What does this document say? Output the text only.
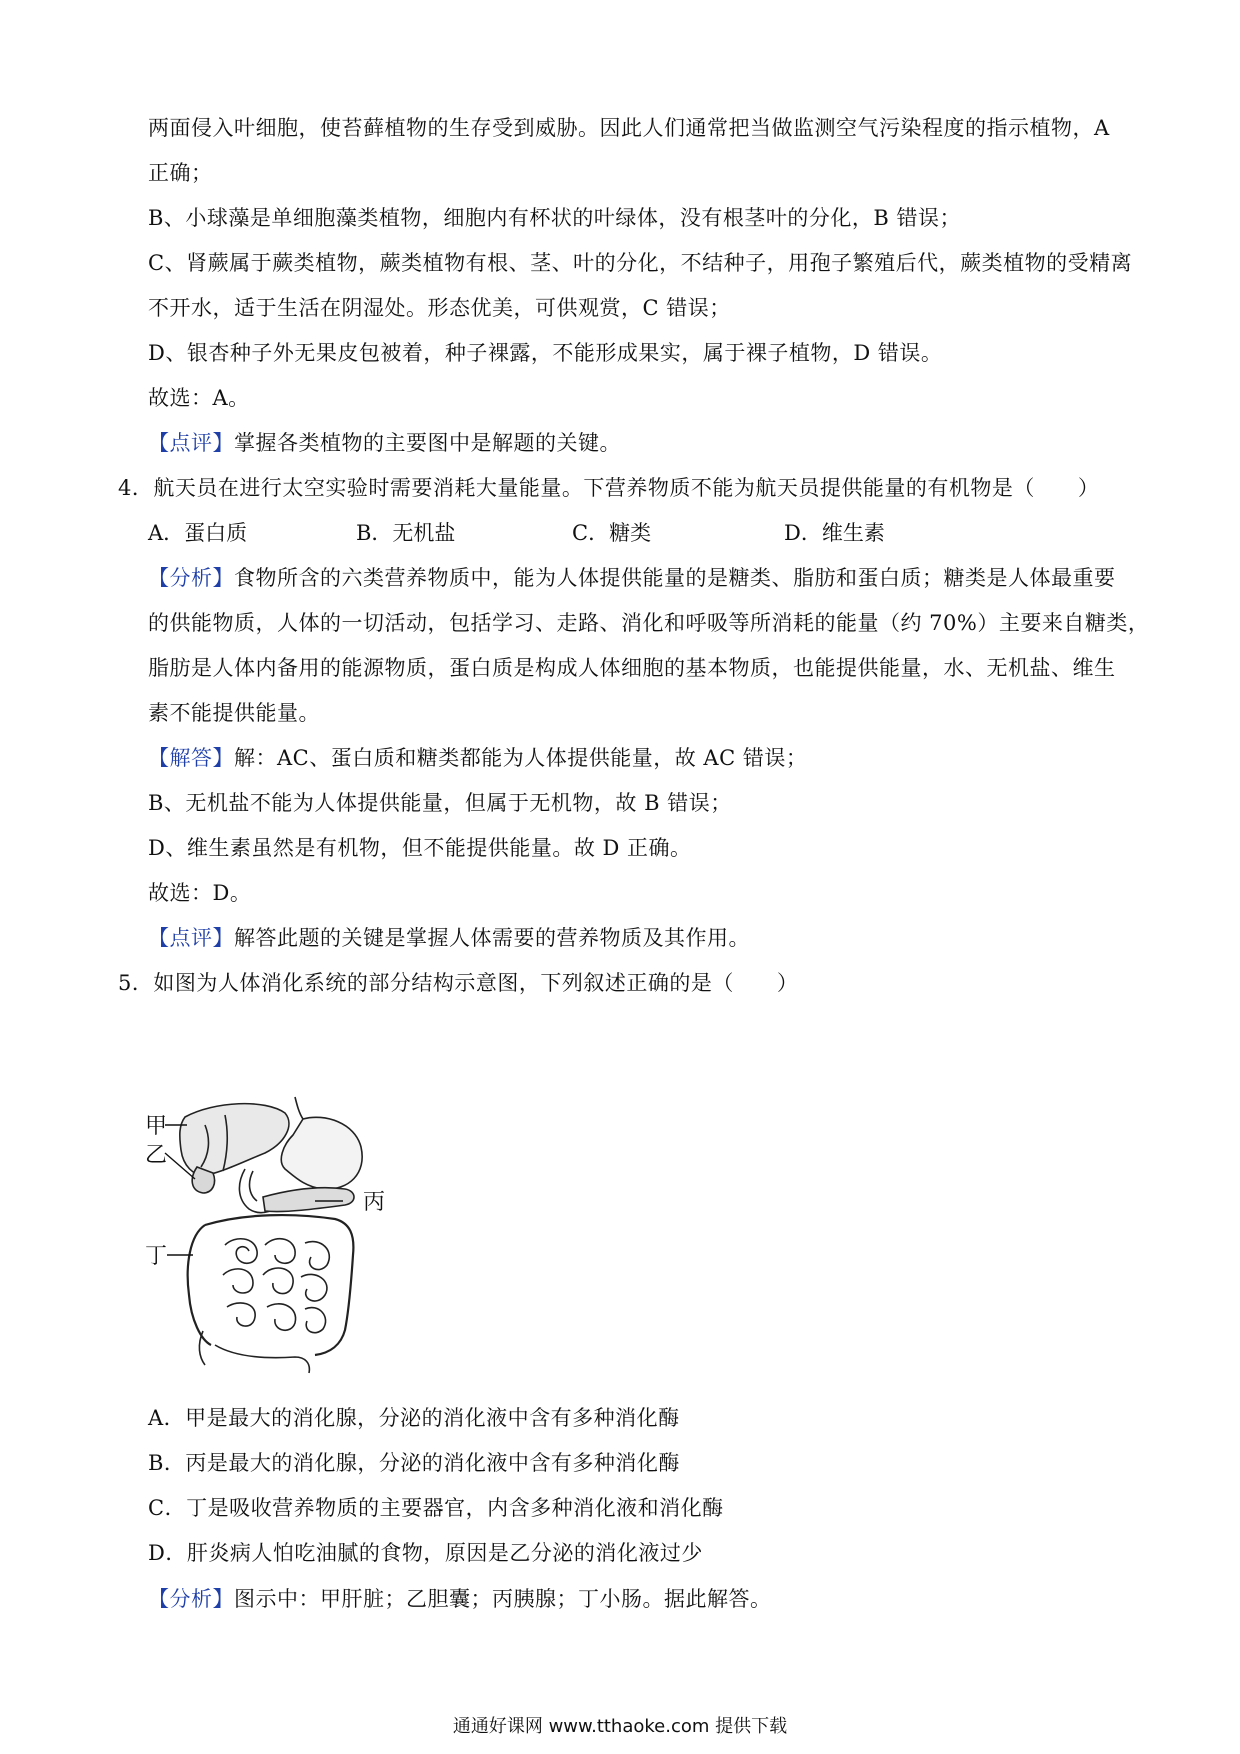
两面侵入叶细胞，使苔藓植物的生存受到威胁。因此人们通常把当做监测空气污染程度的指示植物，A
正确；
B、小球藻是单细胞藻类植物，细胞内有杯状的叶绿体，没有根茎叶的分化，B 错误；
C、肾蕨属于蕨类植物，蕨类植物有根、茎、叶的分化，不结种子，用孢子繁殖后代，蕨类植物的受精离
不开水，适于生活在阴湿处。形态优美，可供观赏，C 错误；
D、银杏种子外无果皮包被着，种子裸露，不能形成果实，属于裸子植物，D 错误。
故选：A。
【点评】掌握各类植物的主要图中是解题的关键。
4．航天员在进行太空实验时需要消耗大量能量。下营养物质不能为航天员提供能量的有机物是（　　）
A．蛋白质	B．无机盐	C．糖类	D．维生素
【分析】食物所含的六类营养物质中，能为人体提供能量的是糖类、脂肪和蛋白质；糖类是人体最重要
的供能物质，人体的一切活动，包括学习、走路、消化和呼吸等所消耗的能量（约 70%）主要来自糖类，
脂肪是人体内备用的能源物质，蛋白质是构成人体细胞的基本物质，也能提供能量，水、无机盐、维生
素不能提供能量。
【解答】解：AC、蛋白质和糖类都能为人体提供能量，故 AC 错误；
B、无机盐不能为人体提供能量，但属于无机物，故 B 错误；
D、维生素虽然是有机物，但不能提供能量。故 D 正确。
故选：D。
【点评】解答此题的关键是掌握人体需要的营养物质及其作用。
5．如图为人体消化系统的部分结构示意图，下列叙述正确的是（　　）
甲
乙
丙
丁
A．甲是最大的消化腺，分泌的消化液中含有多种消化酶
B．丙是最大的消化腺，分泌的消化液中含有多种消化酶
C．丁是吸收营养物质的主要器官，内含多种消化液和消化酶
D．肝炎病人怕吃油腻的食物，原因是乙分泌的消化液过少
【分析】图示中：甲肝脏；乙胆囊；丙胰腺；丁小肠。据此解答。
通通好课网 www.tthaoke.com 提供下载
